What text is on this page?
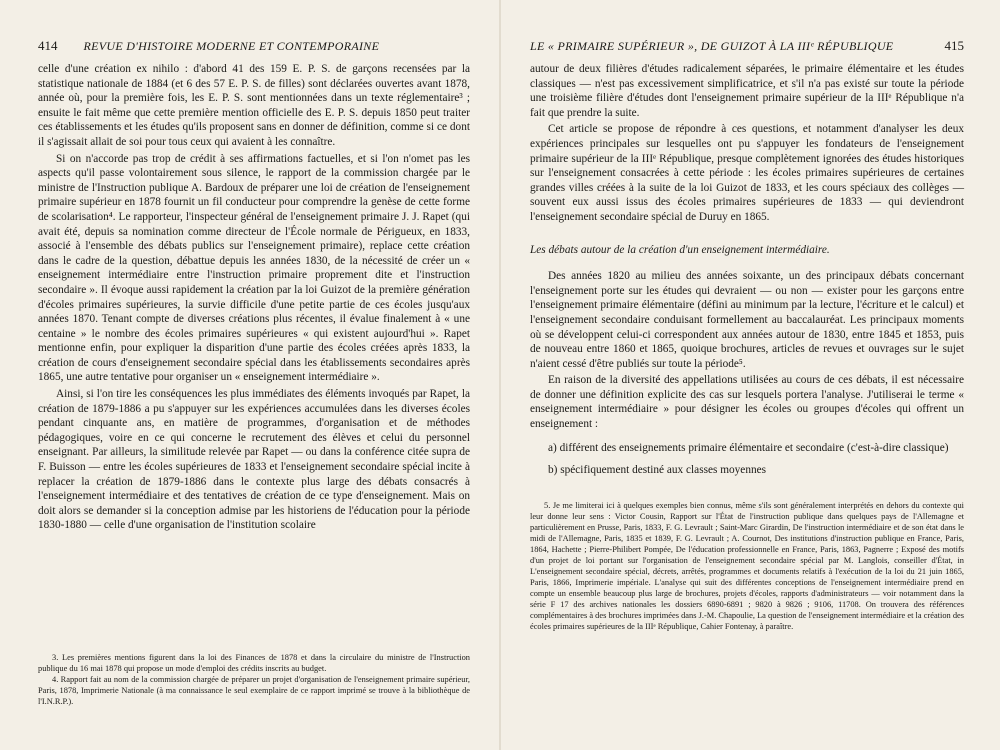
414 REVUE D'HISTOIRE MODERNE ET CONTEMPORAINE

celle d'une création ex nihilo : d'abord 41 des 159 E. P. S. de garçons recensées par la statistique nationale de 1884 (et 6 des 57 E. P. S. de filles) sont déclarées ouvertes avant 1878, année où, pour la première fois, les E. P. S. sont mentionnées dans un texte réglementaire³ ; ensuite le fait même que cette première mention officielle des E. P. S. depuis 1850 peut traiter ces établissements et les études qu'ils proposent sans en donner de définition, comme si ce dont il s'agissait allait de soi pour tous ceux qui avaient à les connaître.

Si on n'accorde pas trop de crédit à ses affirmations factuelles, et si l'on n'omet pas les aspects qu'il passe volontairement sous silence, le rapport de la commission chargée par le ministre de l'Instruction publique A. Bardoux de préparer une loi de création de l'enseignement primaire supérieur en 1878 fournit un fil conducteur pour comprendre la genèse de cette forme de scolarisation⁴. Le rapporteur, l'inspecteur général de l'enseignement primaire J. J. Rapet (qui avait été, depuis sa nomination comme directeur de l'École normale de Périgueux, en 1833, associé à l'ensemble des débats publics sur l'enseignement primaire), replace cette création dans le cadre de la question, débattue depuis les années 1830, de la nécessité de créer un « enseignement intermédiaire entre l'instruction primaire proprement dite et l'instruction secondaire ». Il évoque aussi rapidement la création par la loi Guizot de la première génération d'écoles primaires supérieures, la survie difficile d'une petite partie de ces écoles jusqu'aux années 1870. Tenant compte de diverses créations plus récentes, il évalue finalement à « une centaine » le nombre des écoles primaires supérieures « qui existent aujourd'hui ». Rapet mentionne enfin, pour expliquer la disparition d'une partie des écoles créées après 1833, la création de cours d'enseignement secondaire spécial dans les établissements secondaires après 1865, une autre tentative pour organiser un « enseignement intermédiaire ».

Ainsi, si l'on tire les conséquences les plus immédiates des éléments invoqués par Rapet, la création de 1879-1886 a pu s'appuyer sur les expériences accumulées dans les diverses écoles pendant cinquante ans, en matière de programmes, d'organisation et de méthodes pédagogiques, voire en ce qui concerne le recrutement des élèves et celui du personnel enseignant. Par ailleurs, la similitude relevée par Rapet — ou dans la conférence citée supra de F. Buisson — entre les écoles supérieures de 1833 et l'enseignement secondaire spécial incite à replacer la création de 1879-1886 dans le contexte plus large des débats consacrés à l'enseignement intermédiaire et des tentatives de création de ce type d'enseignement. Mais on doit alors se demander si la conception admise par les historiens de l'éducation pour la période 1830-1880 — celle d'une organisation de l'institution scolaire

3. Les premières mentions figurent dans la loi des Finances de 1878 et dans la circulaire du ministre de l'Instruction publique du 16 mai 1878 qui propose un mode d'emploi des crédits inscrits au budget.

4. Rapport fait au nom de la commission chargée de préparer un projet d'organisation de l'enseignement primaire supérieur, Paris, 1878, Imprimerie Nationale (à ma connaissance le seul exemplaire de ce rapport imprimé se trouve à la bibliothèque de l'I.N.R.P.).

LE « PRIMAIRE SUPÉRIEUR », DE GUIZOT À LA IIIᵉ RÉPUBLIQUE	415

autour de deux filières d'études radicalement séparées, le primaire élémentaire et les études classiques — n'est pas excessivement simplificatrice, et s'il n'a pas existé sur toute la période une troisième filière d'études dont l'enseignement primaire supérieur de la IIIᵉ République n'a fait que prendre la suite.

Cet article se propose de répondre à ces questions, et notamment d'analyser les deux expériences principales sur lesquelles ont pu s'appuyer les fondateurs de l'enseignement primaire supérieur de la IIIᵉ République, presque complètement ignorées des études historiques sur l'enseignement consacrées à cette période : les écoles primaires supérieures de certaines grandes villes créées à la suite de la loi Guizot de 1833, et les cours spéciaux des collèges — souvent eux aussi issus des écoles primaires supérieures de 1833 — qui deviendront l'enseignement secondaire spécial de Duruy en 1865.

Les débats autour de la création d'un enseignement intermédiaire.

Des années 1820 au milieu des années soixante, un des principaux débats concernant l'enseignement porte sur les études qui devraient — ou non — exister pour les garçons entre l'enseignement primaire élémentaire (défini au minimum par la lecture, l'écriture et le calcul) et l'enseignement secondaire conduisant formellement au baccalauréat. Les principaux moments où se développent celui-ci correspondent aux années autour de 1830, entre 1845 et 1853, puis de nouveau entre 1860 et 1865, quoique brochures, articles de revues et ouvrages sur le sujet n'aient cessé d'être publiés sur toute la période⁵.

En raison de la diversité des appellations utilisées au cours de ces débats, il est nécessaire de donner une définition explicite des cas sur lesquels portera l'analyse. J'utiliserai le terme « enseignement intermédiaire » pour désigner les écoles ou groupes d'écoles qui offrent un enseignement :

a) différent des enseignements primaire élémentaire et secondaire (c'est-à-dire classique)
b) spécifiquement destiné aux classes moyennes

5. Je me limiterai ici à quelques exemples bien connus, même s'ils sont généralement interprétés en dehors du contexte qui leur donne leur sens : Victor Cousin, Rapport sur l'État de l'instruction publique dans quelques pays de l'Allemagne et particulièrement en Prusse, Paris, 1833, F. G. Levrault ; Saint-Marc Girardin, De l'instruction intermédiaire et de son état dans le midi de l'Allemagne, Paris, 1835 et 1839, F. G. Levrault ; A. Cournot, Des institutions d'instruction publique en France, Paris, 1864, Hachette ; Pierre-Philibert Pompée, De l'éducation professionnelle en France, Paris, 1863, Pagnerre ; Exposé des motifs d'un projet de loi portant sur l'organisation de l'enseignement secondaire spécial par M. Langlois, conseiller d'État, in L'enseignement secondaire spécial, décrets, arrêtés, programmes et documents relatifs à l'exécution de la loi du 21 juin 1865, Paris, 1866, Imprimerie impériale. L'analyse qui suit des différentes conceptions de l'enseignement intermédiaire prend en compte un ensemble beaucoup plus large de brochures, projets d'écoles, rapports d'administrateurs — voir notamment dans la série F 17 des archives nationales les dossiers 6890-6891 ; 9820 à 9826 ; 9106, 11708. On trouvera des références complémentaires à des brochures imprimées dans J.-M. Chapoulie, La question de l'enseignement intermédiaire et la création des écoles primaires supérieures de la IIIᵉ République, Cahier Fontenay, à paraître.
